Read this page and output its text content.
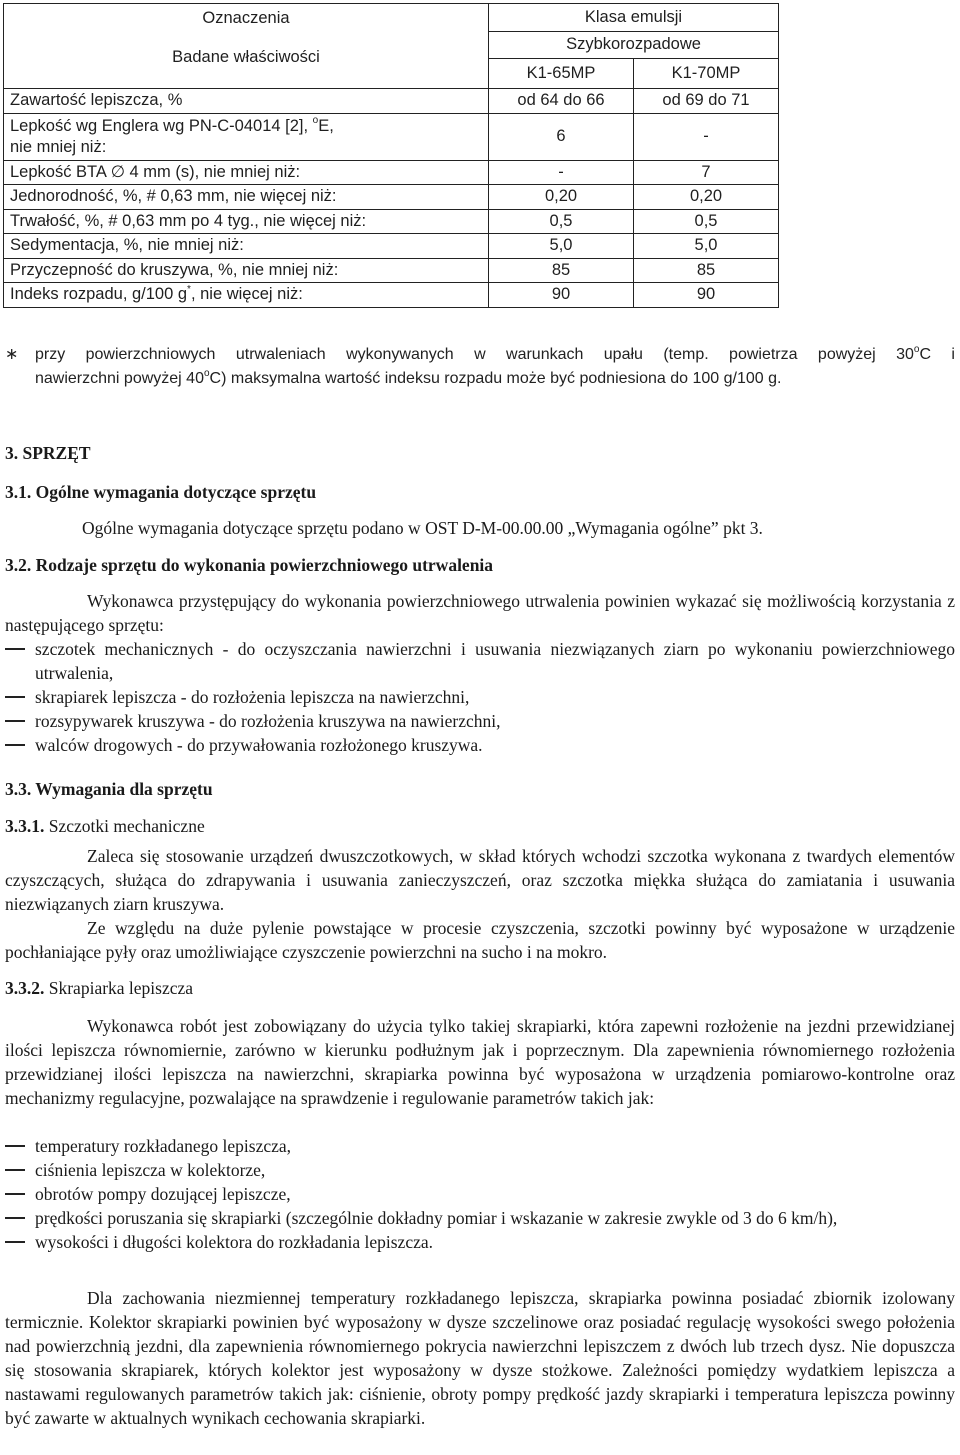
Oznaczenia
Badane właściwości	Klasa emulsji	
	Szybkorozpadowe	
	K1-65MP	K1-70MP
Zawartość lepiszcza, %	od 64 do 66	od 69 do 71
Lepkość wg Englera wg PN-C-04014 [2], $^o$E,
nie mniej niż:	6	-
Lepkość BTA ∅ 4 mm (s), nie mniej niż:	-	7
Jednorodność, %, # 0,63 mm, nie więcej niż:	0,20	0,20
Trwałość, %, # 0,63 mm po 4 tyg., nie więcej niż:	0,5	0,5
Sedymentacja, %, nie mniej niż:	5,0	5,0
Przyczepność do kruszywa, %, nie mniej niż:	85	85
Indeks rozpadu, g/100 g*, nie więcej niż:	90	90
∗	przy powierzchniowych utrwaleniach wykonywanych w warunkach upału (temp. powietrza powyżej 30$^o$C i
nawierzchni powyżej 40$^o$C) maksymalna wartość indeksu rozpadu może być podniesiona do 100 g/100 g.
3. SPRZĘT
3.1. Ogólne wymagania dotyczące sprzętu
Ogólne wymagania dotyczące sprzętu podano w OST D-M-00.00.00 „Wymagania ogólne” pkt 3.
3.2. Rodzaje sprzętu do wykonania powierzchniowego utrwalenia
Wykonawca przystępujący do wykonania powierzchniowego utrwalenia powinien wykazać się możliwością korzystania z następującego sprzętu:
szczotek mechanicznych - do oczyszczania nawierzchni i usuwania niezwiązanych ziarn po wykonaniu powierzchniowego utrwalenia,
skrapiarek lepiszcza - do rozłożenia lepiszcza na nawierzchni,
rozsypywarek kruszywa - do rozłożenia kruszywa na nawierzchni,
walców drogowych - do przywałowania rozłożonego kruszywa.
3.3. Wymagania dla sprzętu
3.3.1. Szczotki mechaniczne
Zaleca się stosowanie urządzeń dwuszczotkowych, w skład których wchodzi szczotka wykonana z twardych elementów czyszczących, służąca do zdrapywania i usuwania zanieczyszczeń, oraz szczotka miękka służąca do zamiatania i usuwania niezwiązanych ziarn kruszywa.
Ze względu na duże pylenie powstające w procesie czyszczenia, szczotki powinny być wyposażone w urządzenie pochłaniające pyły oraz umożliwiające czyszczenie powierzchni na sucho i na mokro.
3.3.2. Skrapiarka lepiszcza
Wykonawca robót jest zobowiązany do użycia tylko takiej skrapiarki, która zapewni rozłożenie na jezdni przewidzianej ilości lepiszcza równomiernie, zarówno w kierunku podłużnym jak i poprzecznym. Dla zapewnienia równomiernego rozłożenia przewidzianej ilości lepiszcza na nawierzchni, skrapiarka powinna być wyposażona w urządzenia pomiarowo-kontrolne oraz mechanizmy regulacyjne, pozwalające na sprawdzenie i regulowanie parametrów takich jak:
temperatury rozkładanego lepiszcza,
ciśnienia lepiszcza w kolektorze,
obrotów pompy dozującej lepiszcze,
prędkości poruszania się skrapiarki (szczególnie dokładny pomiar i wskazanie w zakresie zwykle od 3 do 6 km/h),
wysokości i długości kolektora do rozkładania lepiszcza.
Dla zachowania niezmiennej temperatury rozkładanego lepiszcza, skrapiarka powinna posiadać zbiornik izolowany termicznie. Kolektor skrapiarki powinien być wyposażony w dysze szczelinowe oraz posiadać regulację wysokości swego położenia nad powierzchnią jezdni, dla zapewnienia równomiernego pokrycia nawierzchni lepiszczem z dwóch lub trzech dysz. Nie dopuszcza się stosowania skrapiarek, których kolektor jest wyposażony w dysze stożkowe. Zależności pomiędzy wydatkiem lepiszcza a nastawami regulowanych parametrów takich jak: ciśnienie, obroty pompy prędkość jazdy skrapiarki i temperatura lepiszcza powinny być zawarte w aktualnych wynikach cechowania skrapiarki.
